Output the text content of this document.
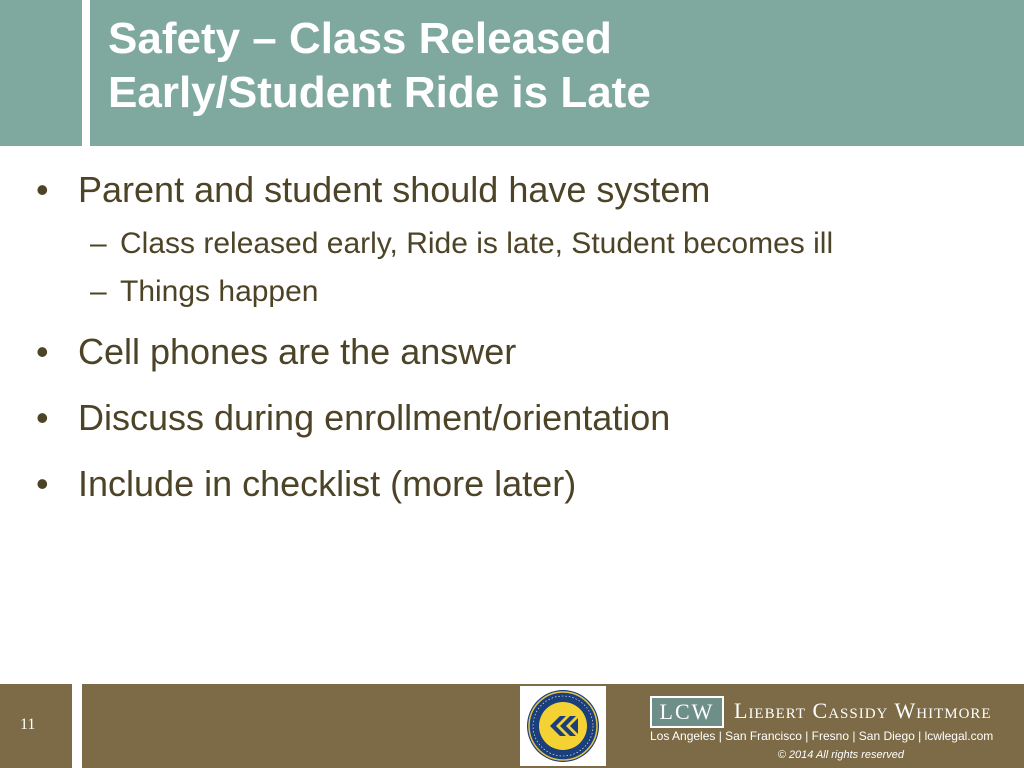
Safety – Class Released
Early/Student Ride is Late
• Parent and student should have system
– Class released early, Ride is late, Student becomes ill
– Things happen
• Cell phones are the answer
• Discuss during enrollment/orientation
• Include in checklist (more later)
11
LCW Liebert Cassidy Whitmore
Los Angeles | San Francisco | Fresno | San Diego | lcwlegal.com
© 2014 All rights reserved
